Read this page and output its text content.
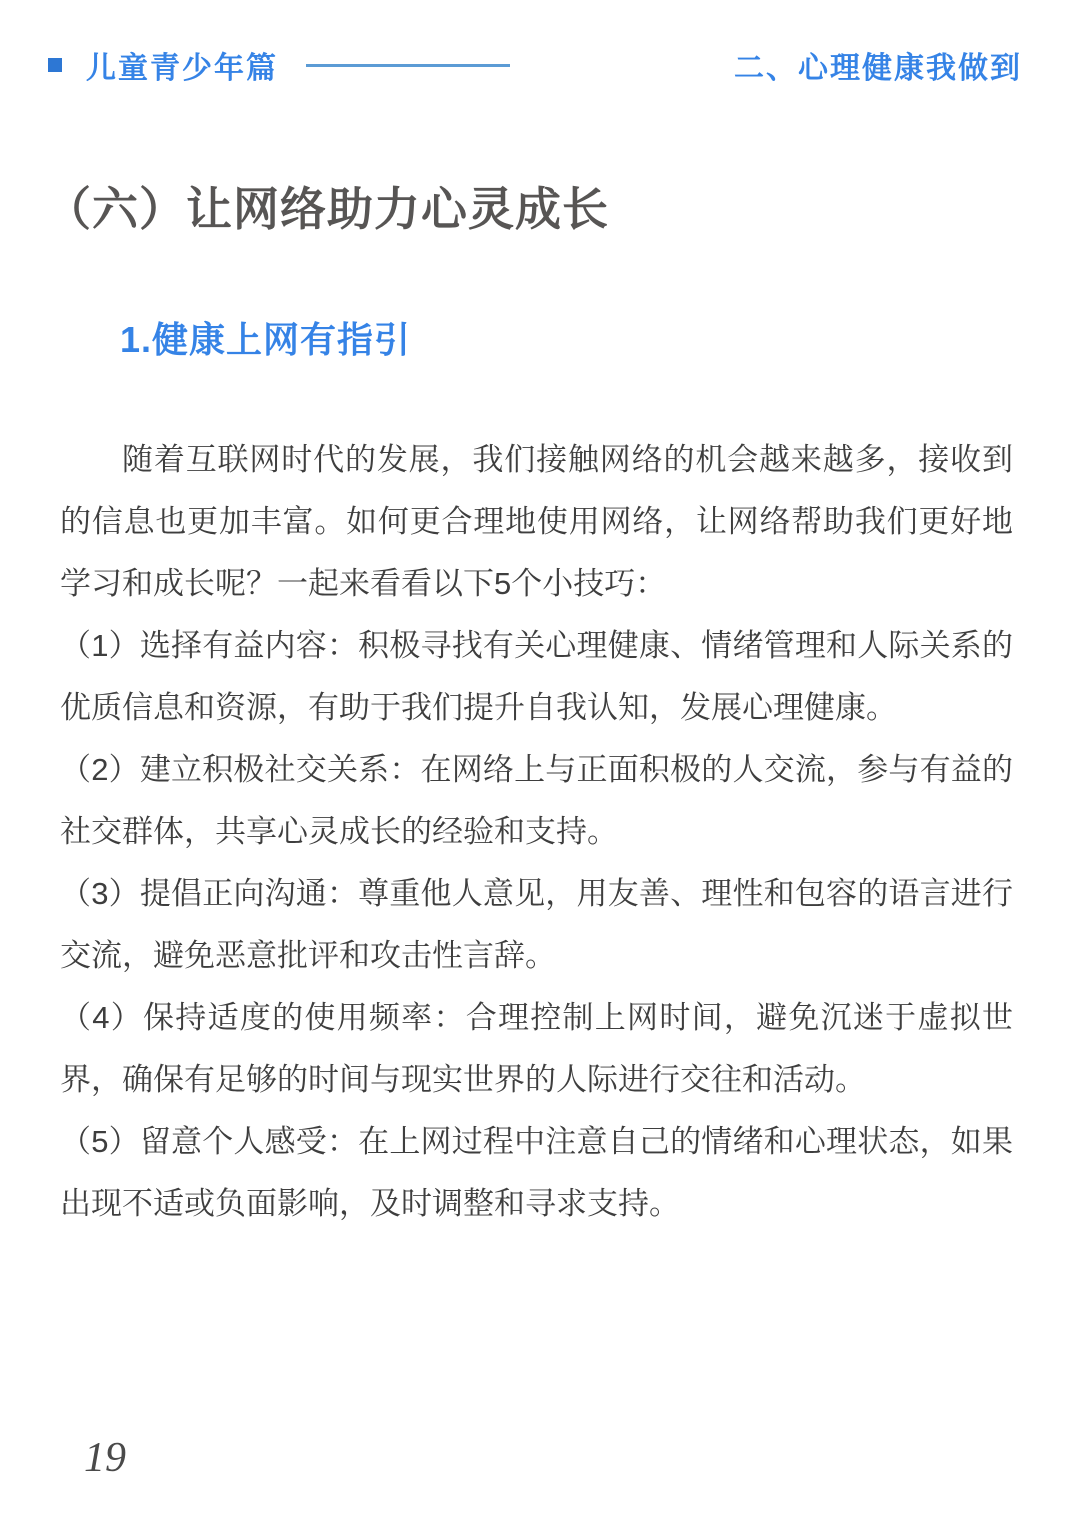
儿童青少年篇	二、心理健康我做到
（六）让网络助力心灵成长
1.健康上网有指引

随着互联网时代的发展，我们接触网络的机会越来越多，接收到的信息也更加丰富。如何更合理地使用网络，让网络帮助我们更好地学习和成长呢？一起来看看以下5个小技巧：

（1）选择有益内容：积极寻找有关心理健康、情绪管理和人际关系的优质信息和资源，有助于我们提升自我认知，发展心理健康。

（2）建立积极社交关系：在网络上与正面积极的人交流，参与有益的社交群体，共享心灵成长的经验和支持。

（3）提倡正向沟通：尊重他人意见，用友善、理性和包容的语言进行交流，避免恶意批评和攻击性言辞。

（4）保持适度的使用频率：合理控制上网时间，避免沉迷于虚拟世界，确保有足够的时间与现实世界的人际进行交往和活动。

（5）留意个人感受：在上网过程中注意自己的情绪和心理状态，如果出现不适或负面影响，及时调整和寻求支持。

19
